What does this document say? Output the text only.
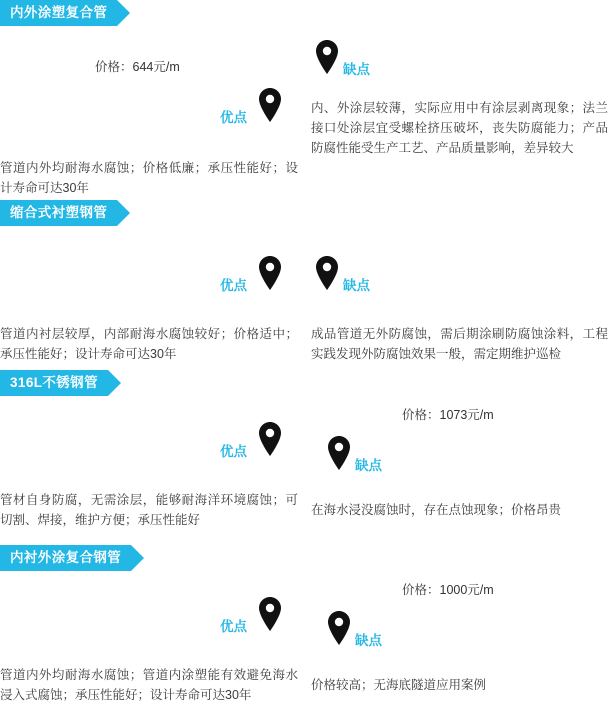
内外涂塑复合管
价格：644元/m
优点
管道内外均耐海水腐蚀；价格低廉；承压性能好；设计寿命可达30年
缺点
内、外涂层较薄，实际应用中有涂层剥离现象；法兰接口处涂层宜受螺栓挤压破坏，丧失防腐能力；产品防腐性能受生产工艺、产品质量影响，差异较大
缩合式衬塑钢管
优点
管道内衬层较厚，内部耐海水腐蚀较好；价格适中；承压性能好；设计寿命可达30年
缺点
成品管道无外防腐蚀，需后期涂刷防腐蚀涂料，工程实践发现外防腐蚀效果一般，需定期维护巡检
316L不锈钢管
优点
管材自身防腐，无需涂层，能够耐海洋环境腐蚀；可切割、焊接，维护方便；承压性能好
价格：1073元/m
缺点
在海水浸没腐蚀时，存在点蚀现象；价格昂贵
内衬外涂复合钢管
优点
管道内外均耐海水腐蚀；管道内涂塑能有效避免海水浸入式腐蚀；承压性能好；设计寿命可达30年
价格：1000元/m
缺点
价格较高；无海底隧道应用案例
